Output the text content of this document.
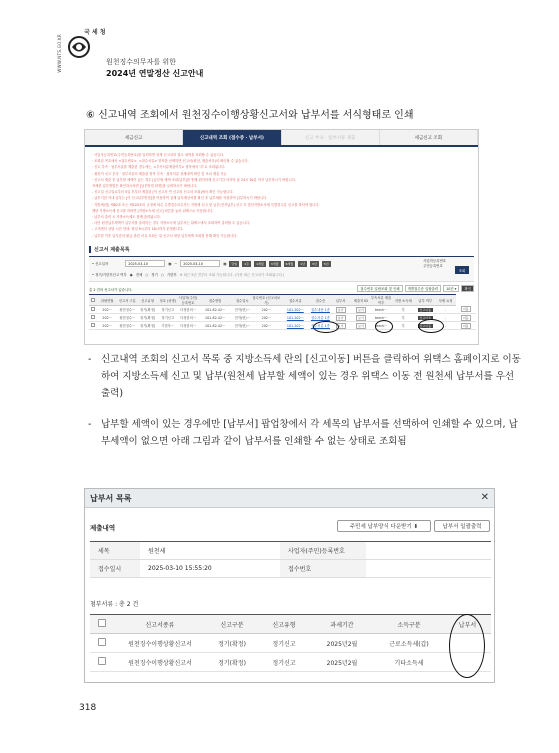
국 세 청
WWW.NTS.GO.KR	원천징수의무자를 위한
2024년 연말정산 신고안내
⑥ 신고내역 조회에서 원천징수이행상황신고서와 납부서를 서식형태로 인쇄
세금신고	신고내역 조회 (접수증 · 납부서)	신고 부속 · 첨부서류 제출	세금신고 조회
· 사업자등록번호(주민등록번호)를 입력하면 현재 신고서의 접수 내역을 조회할 수 있습니다.
· 조회된 목록에서 <접수번호>, <접수서류> 항목을 선택하면 신고서(원천, 제출서식)의 확인할 수 있습니다.
· 신고 부속 · 첨부서류를 제출한 경우에는, <부속서류제출여부> 항목에서 '부'로 조회됩니다.
- 원천이 신고 부속 · 첨부서류의 제출된 항목 부속 · 첨부서류 상세내역 확인 및 조치 제출 가능
· 신고서 제출 후 납부할 세액이 있는 경우 [납부할 세액 조회/납부]를 통해 편리하게 신고기간 마지막 날 24시 30분 까지 납부하시기 바랍니다.
자세한 납부방법은 확인하시려면 [납부방법 화면]을 클릭하시기 바랍니다.
- 신고일 신고일로부터 5일 후부터 제출된 [이 신고서 연 신고의 신고서 조회]에서 확인 가능합니다.
- 납부기한 이내 납부는 [이 신고납부방법]을 이용하여 실제 납부계산서를 확인 후 납부세를 작성하여 납부하시기 바랍니다.
· 지방세(법) 제82조 또는 제103조의 규정에 따른 특별징수의무자는 지방세 신고 및 납부(전자납부) 신고 후 법인지방소득세 특별징수분 신고를 하셔야 합니다.
해당 지방소득세 신고를 하려면 [지방소득세 신고] 버튼을 눌러 위택스로 이동합니다.
· 납부서 출력 시 지방소득세도 함께 출력됩니다.
- 다만 원천납부세액이 납부서를 출력하는 경우 지방소득세 납부서는 위택스에서 조회하여 출력할 수 있습니다.
- 고객센터 상담 시간 안내: 평일 9시부터 18시까지 운영합니다.
- 납부한 이후 납부증과 환급 관련 서류 조회는 위 신고서 대상 납부세액 조회를 통해 확인 가능합니다.
신고서 제출목록
• 신고일자	2025-03-10	▦ ~ 2025-03-10	▦	당일	1주	1개월	3개월	6개월	1년	3년	5년
• 정기/기한후신고 여부 ◉ 전체 ○ 정기 ○ 기한후 ※ 최근 5년 전부터 조회 가능합니다. (가장 최근 신고서가 조회됩니다.)
사업자등록번호
주민등록번호
조회
총 2 건의 신고서가 있습니다.	접수번호 일괄조회 및 인쇄	개별접수증 일괄출력	10건 ▾	확인
	과세연월	신고서 구분	신고유형	상호 (성명)	사업자(주민) 등록번호	접수방법	접수일시	접수번호 (신고서보기)	접수서류	접수증	납부서	제출자 ID	부속서류 제출여부	지방 소득세	납부 여부	삭제 요청	
	202···	원천징수···	정기(확정)	정기신고	다정한의···	101-82-42···	전자(변)···	202···	101-202···	접수내용 1종	보기	보기	teech···	부	신고이동	-	이동
	202···	원천징수···	정기(확정)	정기신고	다정한의···	101-82-42···	전자(변)···	202···	101-202···	접수서류 1종	보기	보기	teech···	부	신고이동	-	이동
	202···	원천징수···	정기(확정)	기한후···	다정한의···	101-82-42···	전자(변)···	202···	101-202···	접수서류 1종	보기	보기	teech···	부	신고이동	-	이동
- 신고내역 조회의 신고서 목록 중 지방소득세 란의 [신고이동] 버튼을 클릭하여 위택스 홈페이지로 이동하여 지방소득세 신고 및 납부(원천세 납부할 세액이 있는 경우 위택스 이동 전 원천세 납부서를 우선 출력)
- 납부할 세액이 있는 경우에만 [납부서] 팝업창에서 각 세목의 납부서를 선택하여 인쇄할 수 있으며, 납부세액이 없으면 아래 그림과 같이 납부서를 인쇄할 수 없는 상태로 조회됨
납부서 목록	✕
제출내역	주민세 납부양식 다운받기 ⬇	납부서 일괄출력
세목	원천세	사업자(주민)등록번호	
접수일시	2025-03-10 15:55:20	접수번호	
첨부서류 : 총 2 건
	신고서종류	신고구분	신고유형	과세기간	소득구분	납부서
	원천징수이행상황신고서	정기(확정)	정기신고	2025년2월	근로소득세(갑)	
	원천징수이행상황신고서	정기(확정)	정기신고	2025년2월	기타소득세	
318
